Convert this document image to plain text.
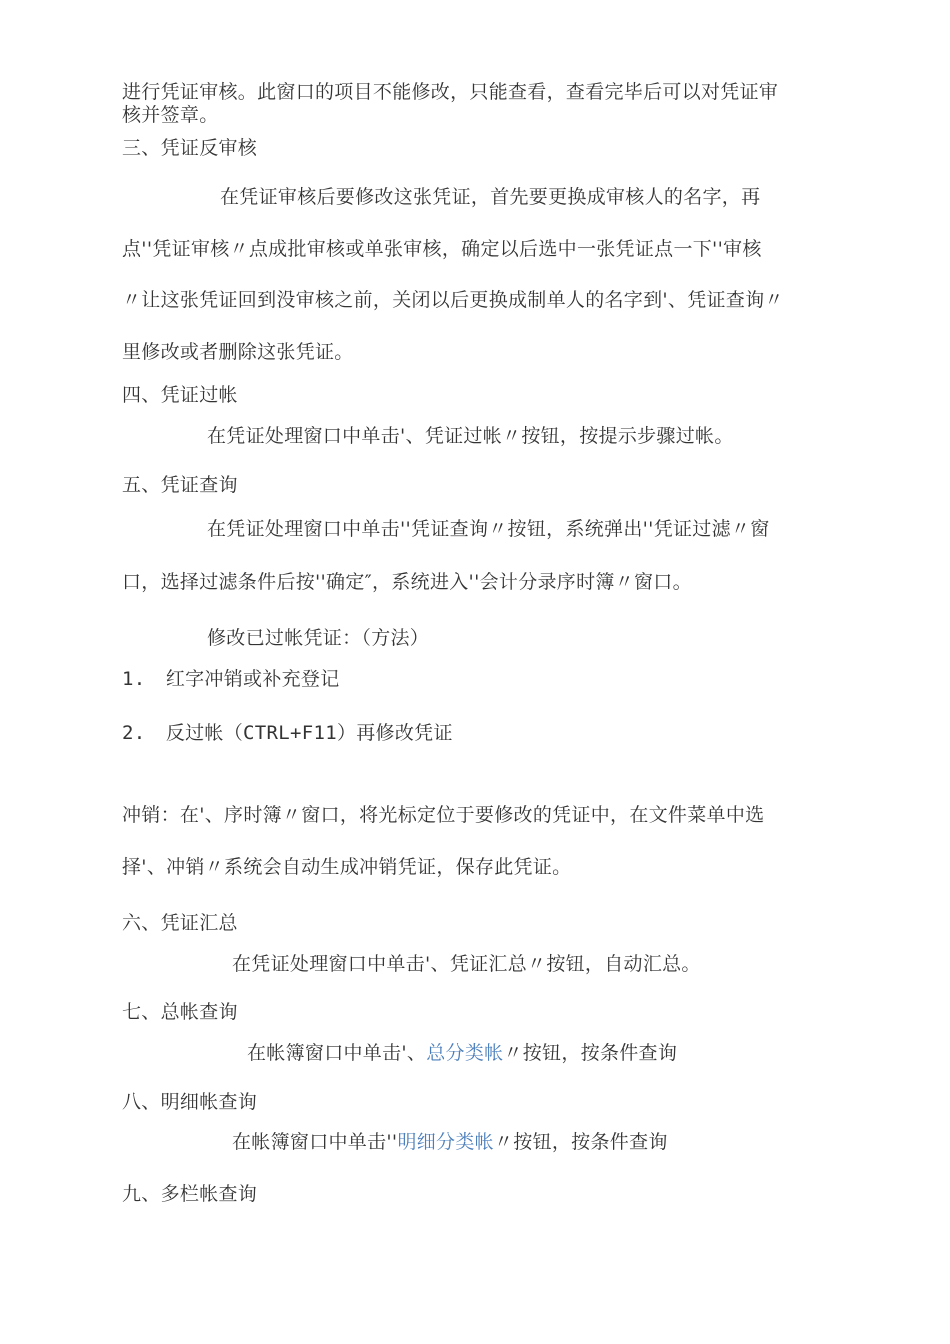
进行凭证审核。此窗口的项目不能修改，只能查看，查看完毕后可以对凭证审
核并签章。
三、凭证反审核
在凭证审核后要修改这张凭证，首先要更换成审核人的名字，再
点''凭证审核〃点成批审核或单张审核，确定以后选中一张凭证点一下''审核
〃让这张凭证回到没审核之前，关闭以后更换成制单人的名字到'、凭证查询〃
里修改或者删除这张凭证。
四、凭证过帐
在凭证处理窗口中单击'、凭证过帐〃按钮，按提示步骤过帐。
五、凭证查询
在凭证处理窗口中单击''凭证查询〃按钮，系统弹出''凭证过滤〃窗
口，选择过滤条件后按''确定″，系统进入''会计分录序时簿〃窗口。
修改已过帐凭证：（方法）
1. 红字冲销或补充登记
2. 反过帐（CTRL+F11）再修改凭证
冲销：在'、序时簿〃窗口，将光标定位于要修改的凭证中，在文件菜单中选
择'、冲销〃系统会自动生成冲销凭证，保存此凭证。
六、凭证汇总
在凭证处理窗口中单击'、凭证汇总〃按钮，自动汇总。
七、总帐查询
在帐簿窗口中单击'、总分类帐〃按钮，按条件查询
八、明细帐查询
在帐簿窗口中单击''明细分类帐〃按钮，按条件查询
九、多栏帐查询
